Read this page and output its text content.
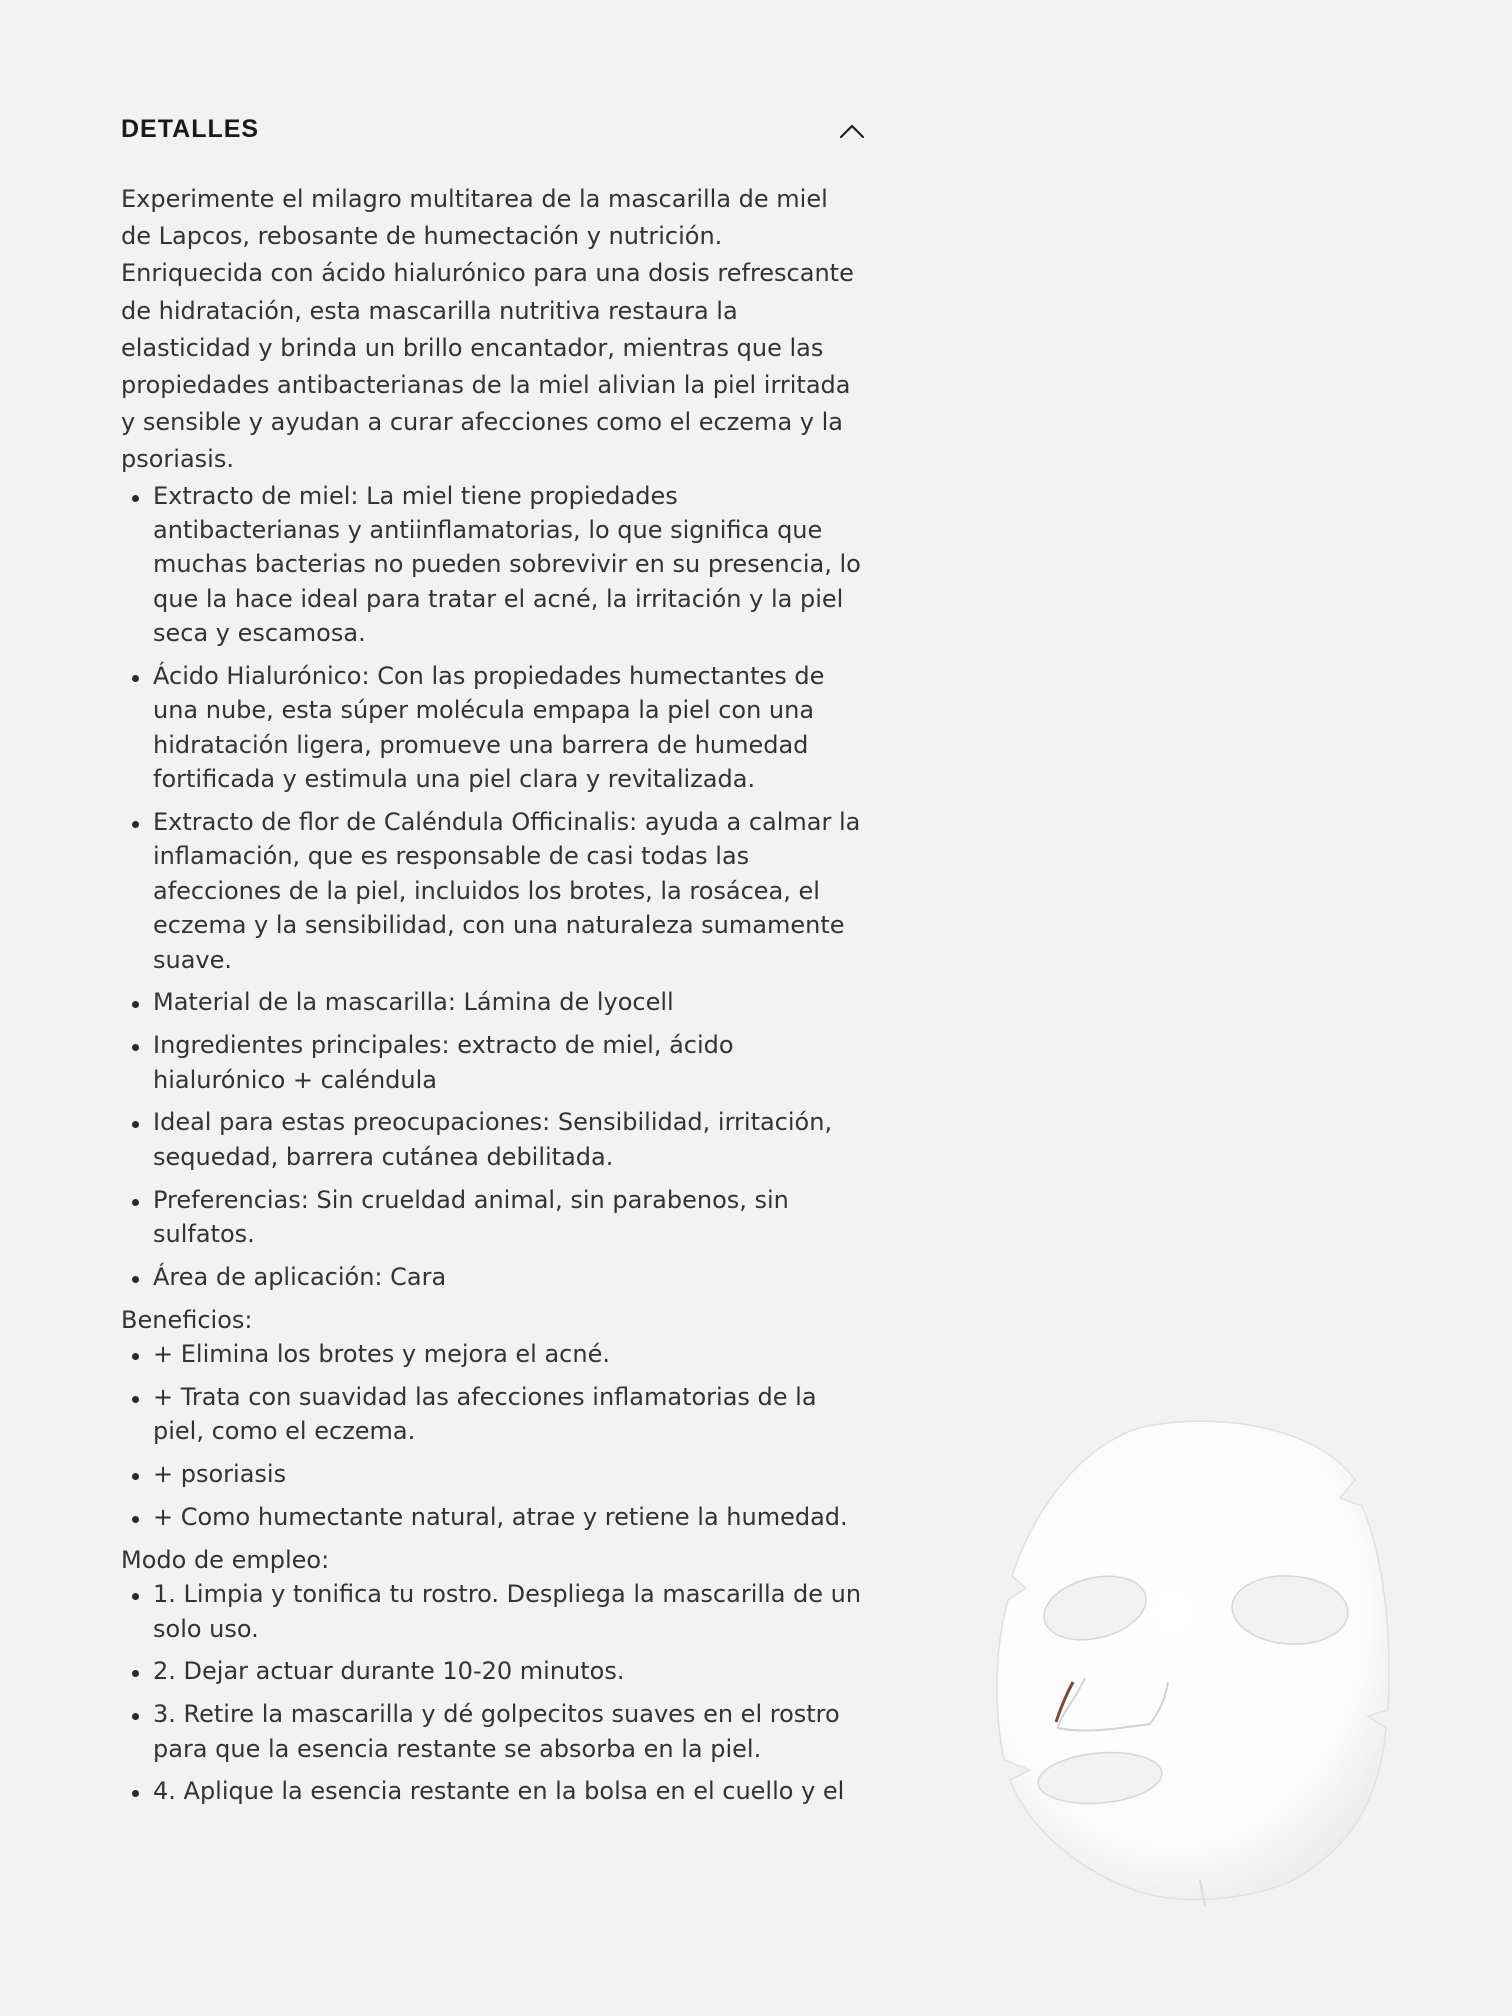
DETALLES

Experimente el milagro multitarea de la mascarilla de miel de Lapcos, rebosante de humectación y nutrición. Enriquecida con ácido hialurónico para una dosis refrescante de hidratación, esta mascarilla nutritiva restaura la elasticidad y brinda un brillo encantador, mientras que las propiedades antibacterianas de la miel alivian la piel irritada y sensible y ayudan a curar afecciones como el eczema y la psoriasis.

Extracto de miel: La miel tiene propiedades antibacterianas y antiinflamatorias, lo que significa que muchas bacterias no pueden sobrevivir en su presencia, lo que la hace ideal para tratar el acné, la irritación y la piel seca y escamosa.
Ácido Hialurónico: Con las propiedades humectantes de una nube, esta súper molécula empapa la piel con una hidratación ligera, promueve una barrera de humedad fortificada y estimula una piel clara y revitalizada.
Extracto de flor de Caléndula Officinalis: ayuda a calmar la inflamación, que es responsable de casi todas las afecciones de la piel, incluidos los brotes, la rosácea, el eczema y la sensibilidad, con una naturaleza sumamente suave.
Material de la mascarilla: Lámina de lyocell
Ingredientes principales: extracto de miel, ácido hialurónico + caléndula
Ideal para estas preocupaciones: Sensibilidad, irritación, sequedad, barrera cutánea debilitada.
Preferencias: Sin crueldad animal, sin parabenos, sin sulfatos.
Área de aplicación: Cara
Beneficios:
+ Elimina los brotes y mejora el acné.
+ Trata con suavidad las afecciones inflamatorias de la piel, como el eczema.
+ psoriasis
+ Como humectante natural, atrae y retiene la humedad.
Modo de empleo:
1. Limpia y tonifica tu rostro. Despliega la mascarilla de un solo uso.
2. Dejar actuar durante 10-20 minutos.
3. Retire la mascarilla y dé golpecitos suaves en el rostro para que la esencia restante se absorba en la piel.
4. Aplique la esencia restante en la bolsa en el cuello y el
